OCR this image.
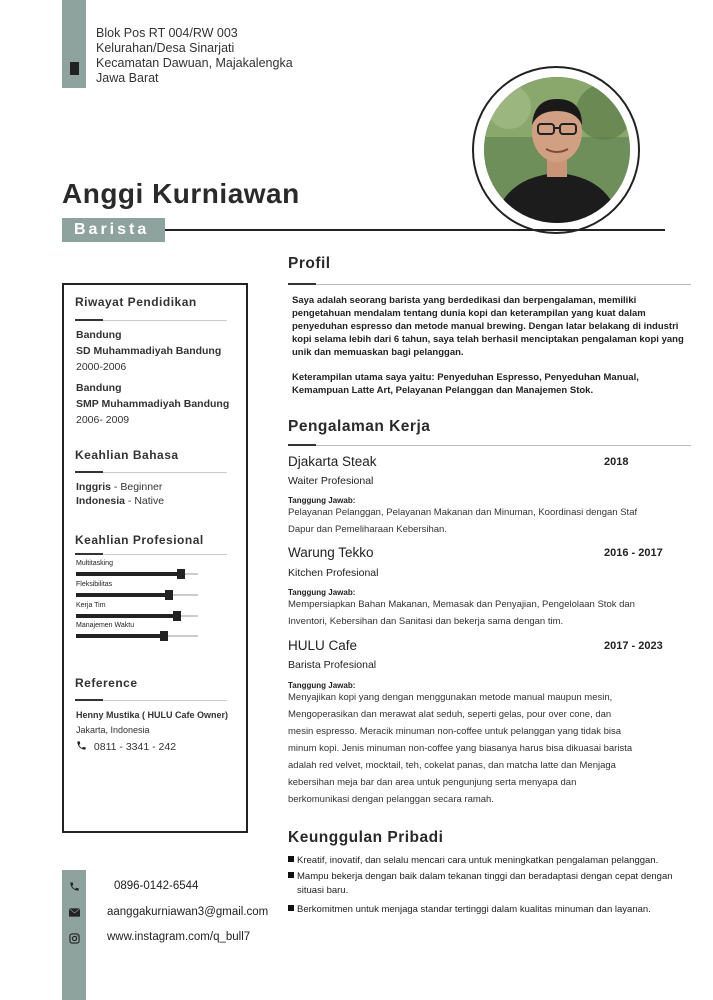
Blok Pos RT 004/RW 003
Kelurahan/Desa Sinarjati
Kecamatan Dawuan, Majakalengka
Jawa Barat
Anggi Kurniawan
Barista
Riwayat Pendidikan
Bandung
SD Muhammadiyah Bandung
2000-2006
Bandung
SMP Muhammadiyah Bandung
2006- 2009
Keahlian Bahasa
Inggris - Beginner
Indonesia - Native
Keahlian Profesional
Multitasking
Fleksibilitas
Kerja Tim
Manajemen Waktu
Reference
Henny Mustika ( HULU Cafe Owner)
Jakarta, Indonesia
0811 - 3341 - 242
0896-0142-6544
aanggakurniawan3@gmail.com
www.instagram.com/q_bull7
Profil
Saya adalah seorang barista yang berdedikasi dan berpengalaman, memiliki pengetahuan mendalam tentang dunia kopi dan keterampilan yang kuat dalam penyeduhan espresso dan metode manual brewing. Dengan latar belakang di industri kopi selama lebih dari 6 tahun, saya telah berhasil menciptakan pengalaman kopi yang unik dan memuaskan bagi pelanggan.
Keterampilan utama saya yaitu: Penyeduhan Espresso, Penyeduhan Manual, Kemampuan Latte Art, Pelayanan Pelanggan dan Manajemen Stok.
Pengalaman Kerja
Djakarta Steak	2018
Waiter Profesional
Tanggung Jawab:
Pelayanan Pelanggan, Pelayanan Makanan dan Minuman, Koordinasi dengan Staf Dapur dan Pemeliharaan Kebersihan.
Warung Tekko	2016 - 2017
Kitchen Profesional
Tanggung Jawab:
Mempersiapkan Bahan Makanan, Memasak dan Penyajian, Pengelolaan Stok dan Inventori, Kebersihan dan Sanitasi dan bekerja sama dengan tim.
HULU Cafe	2017 - 2023
Barista Profesional
Tanggung Jawab:
Menyajikan kopi yang dengan menggunakan metode manual maupun mesin, Mengoperasikan dan merawat alat seduh, seperti gelas, pour over cone, dan mesin espresso. Meracik minuman non-coffee untuk pelanggan yang tidak bisa minum kopi. Jenis minuman non-coffee yang biasanya harus bisa dikuasai barista adalah red velvet, mocktail, teh, cokelat panas, dan matcha latte dan Menjaga kebersihan meja bar dan area untuk pengunjung serta menyapa dan berkomunikasi dengan pelanggan secara ramah.
Keunggulan Pribadi
Kreatif, inovatif, dan selalu mencari cara untuk meningkatkan pengalaman pelanggan.
Mampu bekerja dengan baik dalam tekanan tinggi dan beradaptasi dengan cepat dengan situasi baru.
Berkomitmen untuk menjaga standar tertinggi dalam kualitas minuman dan layanan.
